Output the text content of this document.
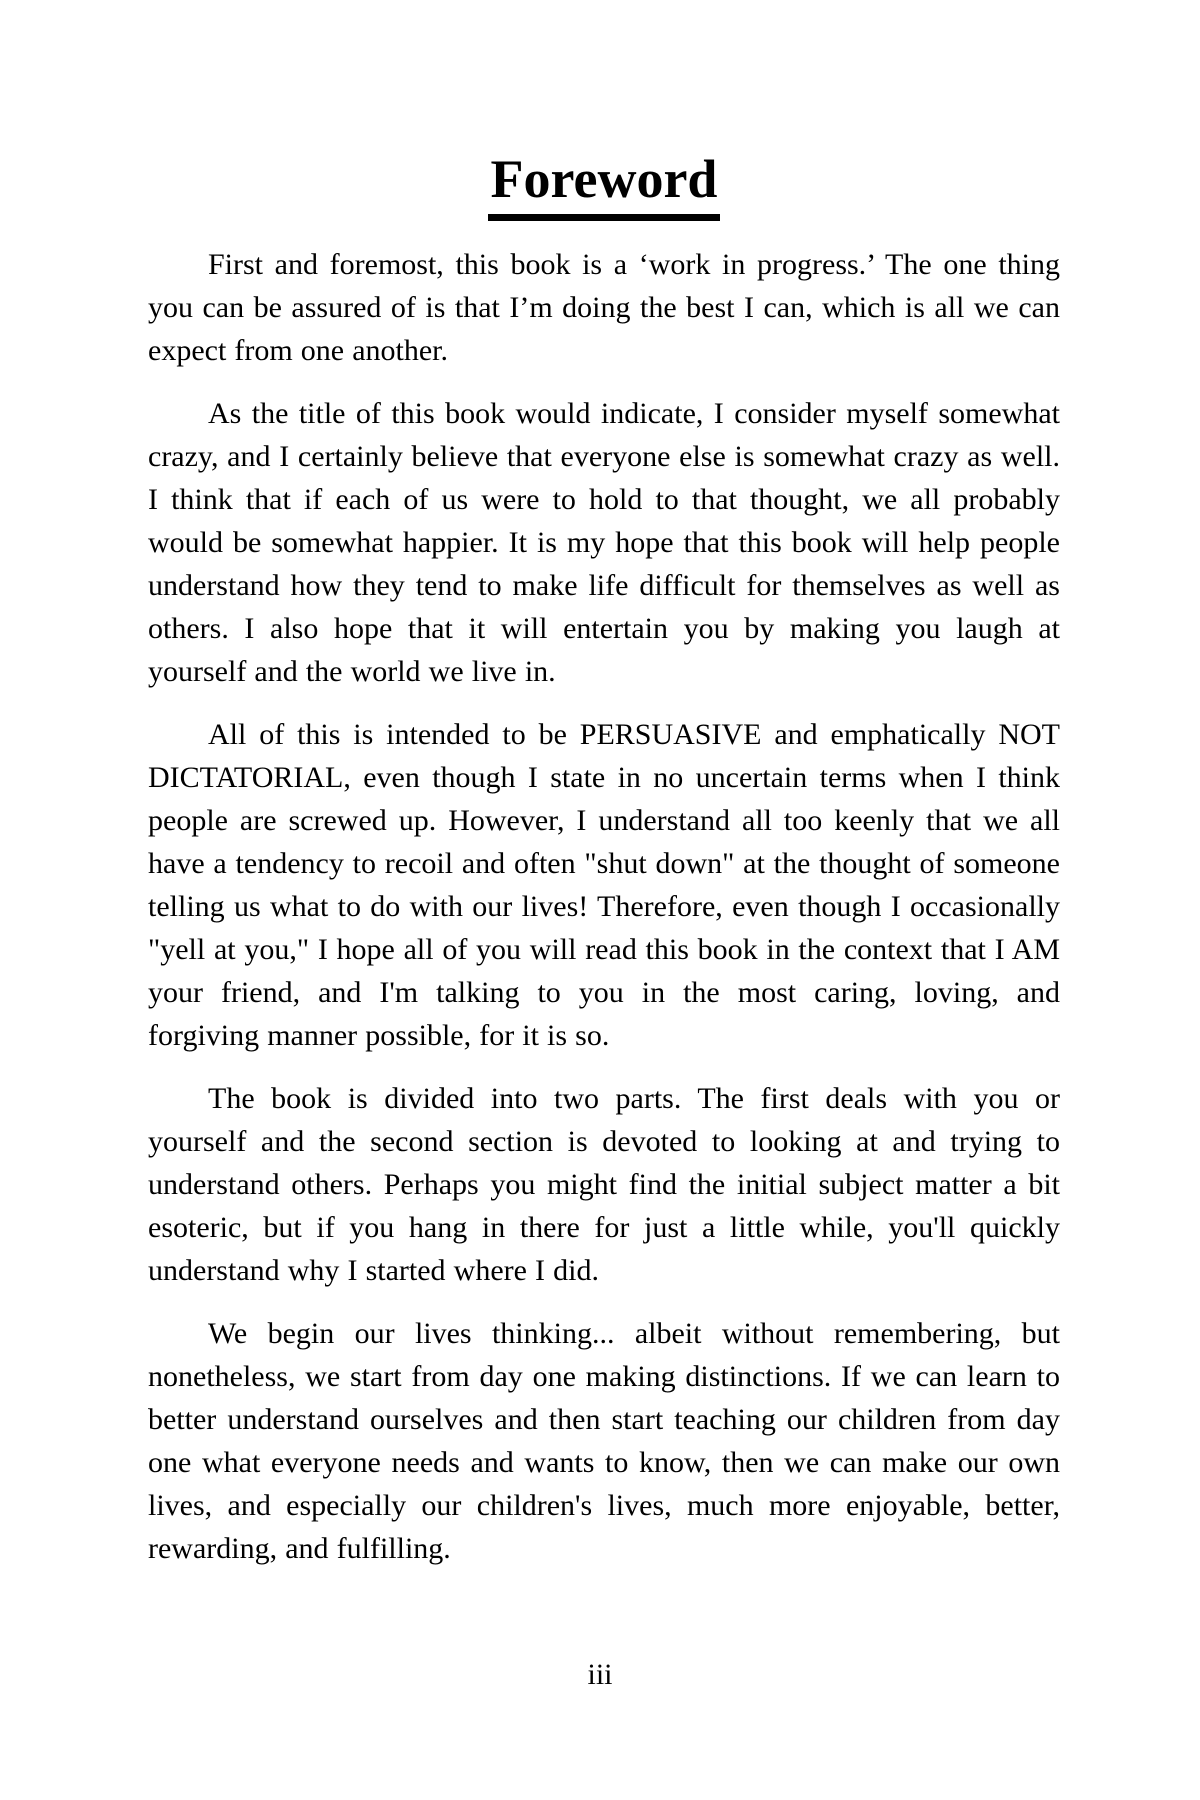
Foreword

First and foremost, this book is a ‘work in progress.’ The one thing you can be assured of is that I’m doing the best I can, which is all we can expect from one another.

As the title of this book would indicate, I consider myself somewhat crazy, and I certainly believe that everyone else is somewhat crazy as well. I think that if each of us were to hold to that thought, we all probably would be somewhat happier. It is my hope that this book will help people understand how they tend to make life difficult for themselves as well as others. I also hope that it will entertain you by making you laugh at yourself and the world we live in.

All of this is intended to be PERSUASIVE and emphatically NOT DICTATORIAL, even though I state in no uncertain terms when I think people are screwed up. However, I understand all too keenly that we all have a tendency to recoil and often "shut down" at the thought of someone telling us what to do with our lives! Therefore, even though I occasionally "yell at you," I hope all of you will read this book in the context that I AM your friend, and I'm talking to you in the most caring, loving, and forgiving manner possible, for it is so.

The book is divided into two parts. The first deals with you or yourself and the second section is devoted to looking at and trying to understand others. Perhaps you might find the initial subject matter a bit esoteric, but if you hang in there for just a little while, you'll quickly understand why I started where I did.

We begin our lives thinking... albeit without remembering, but nonetheless, we start from day one making distinctions. If we can learn to better understand ourselves and then start teaching our children from day one what everyone needs and wants to know, then we can make our own lives, and especially our children's lives, much more enjoyable, better, rewarding, and fulfilling.

iii
